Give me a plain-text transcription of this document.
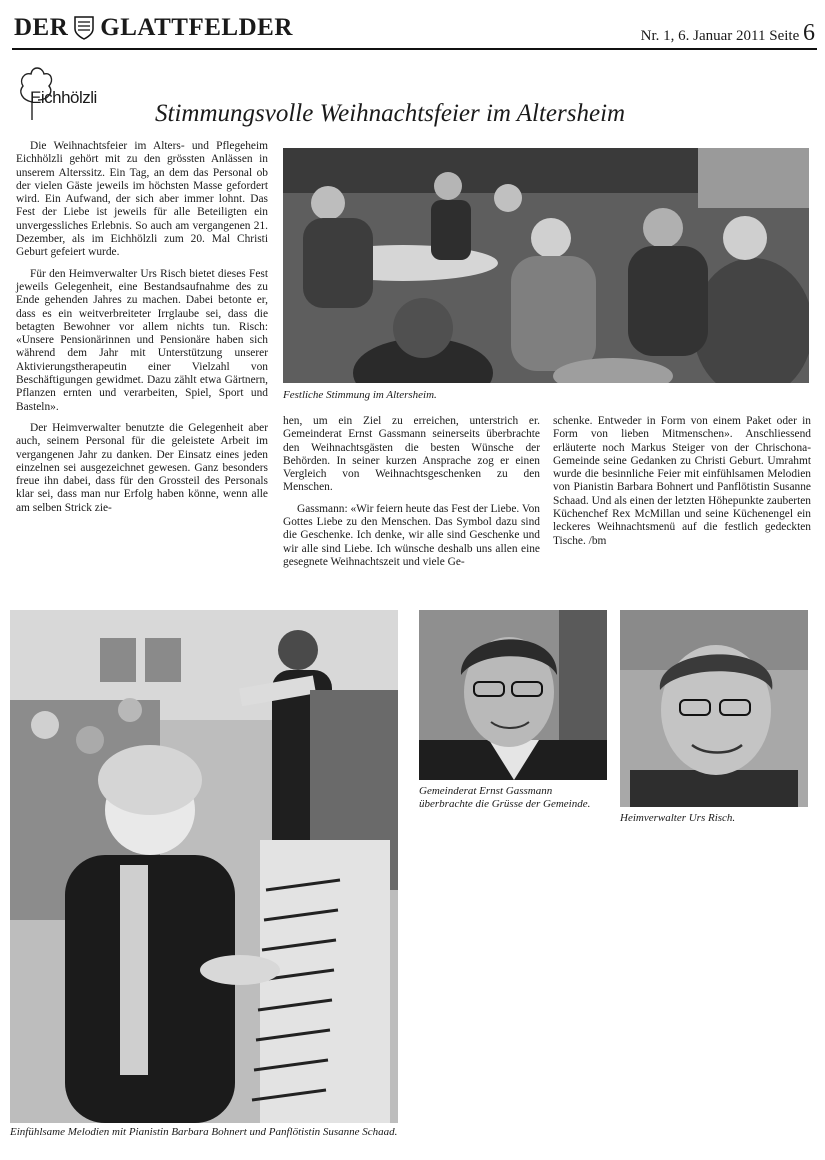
DER GLATTFELDER	Nr. 1, 6. Januar 2011 Seite 6
Eichhölzli
Stimmungsvolle Weihnachtsfeier im Altersheim

Die Weihnachtsfeier im Alters- und Pflegeheim Eichhölzli gehört mit zu den grössten Anlässen in unserem Alterssitz. Ein Tag, an dem das Personal ob der vielen Gäste jeweils im höchsten Masse gefordert wird. Ein Aufwand, der sich aber immer lohnt. Das Fest der Liebe ist jeweils für alle Beteiligten ein unvergessliches Erlebnis. So auch am vergangenen 21. Dezember, als im Eichhölzli zum 20. Mal Christi Geburt gefeiert wurde.

Für den Heimverwalter Urs Risch bietet dieses Fest jeweils Gelegenheit, eine Bestandsaufnahme des zu Ende gehenden Jahres zu machen. Dabei betonte er, dass es ein weitverbreiteter Irrglaube sei, dass die betagten Bewohner vor allem nichts tun. Risch: «Unsere Pensionärinnen und Pensionäre haben sich während dem Jahr mit Unterstützung unserer Aktivierungstherapeutin einer Vielzahl von Beschäftigungen gewidmet. Dazu zählt etwa Gärtnern, Pflanzen ernten und verarbeiten, Spiel, Sport und Basteln».

Der Heimverwalter benutzte die Gelegenheit aber auch, seinem Personal für die geleistete Arbeit im vergangenen Jahr zu danken. Der Einsatz eines jeden einzelnen sei ausgezeichnet gewesen. Ganz besonders freue ihn dabei, dass für den Grossteil des Personals klar sei, dass man nur Erfolg haben könne, wenn alle am selben Strick zie-

Festliche Stimmung im Altersheim.

hen, um ein Ziel zu erreichen, unterstrich er. Gemeinderat Ernst Gassmann seinerseits überbrachte den Weihnachtsgästen die besten Wünsche der Behörden. In seiner kurzen Ansprache zog er einen Vergleich von Weihnachtsgeschenken zu den Menschen.

Gassmann: «Wir feiern heute das Fest der Liebe. Von Gottes Liebe zu den Menschen. Das Symbol dazu sind die Geschenke. Ich denke, wir alle sind Geschenke und wir alle sind Liebe. Ich wünsche deshalb uns allen eine gesegnete Weihnachtszeit und viele Ge-

schenke. Entweder in Form von einem Paket oder in Form von lieben Mitmenschen». Anschliessend erläuterte noch Markus Steiger von der Chrischona-Gemeinde seine Gedanken zu Christi Geburt. Umrahmt wurde die besinnliche Feier mit einfühlsamen Melodien von Pianistin Barbara Bohnert und Panflötistin Susanne Schaad. Und als einen der letzten Höhepunkte zauberten Küchenchef Rex McMillan und seine Küchenengel ein leckeres Weihnachtsmenü auf die festlich gedeckten Tische. /bm

Einfühlsame Melodien mit Pianistin Barbara Bohnert und Panflötistin Susanne Schaad.
Gemeinderat Ernst Gassmann überbrachte die Grüsse der Gemeinde.
Heimverwalter Urs Risch.
